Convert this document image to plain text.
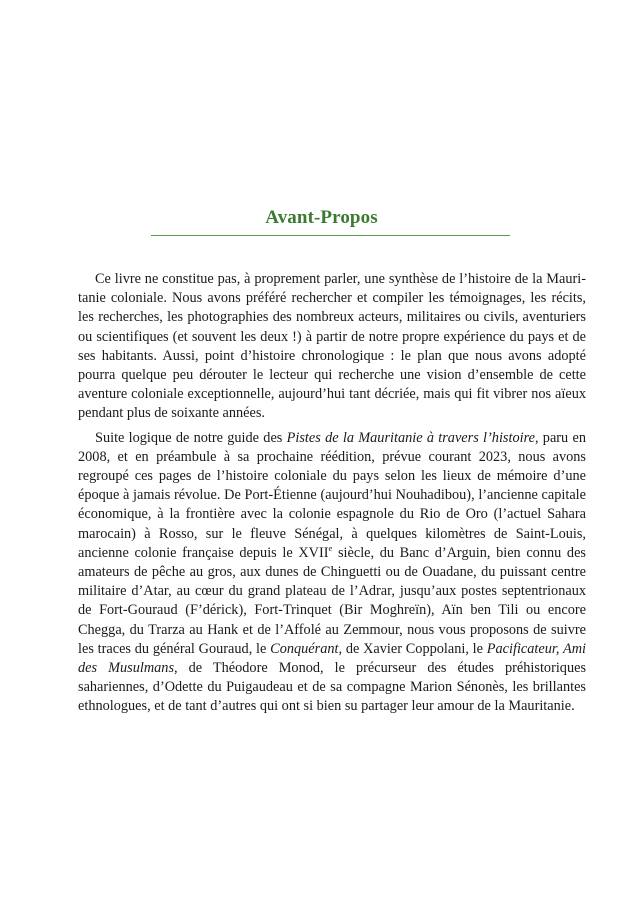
Avant-Propos

Ce livre ne constitue pas, à proprement parler, une synthèse de l’histoire de la Mauritanie coloniale. Nous avons préféré rechercher et compiler les témoignages, les récits, les recherches, les photographies des nombreux acteurs, militaires ou civils, aventuriers ou scientifiques (et souvent les deux !) à partir de notre propre expérience du pays et de ses habitants. Aussi, point d’histoire chronologique : le plan que nous avons adopté pourra quelque peu dérouter le lecteur qui recherche une vision d’ensemble de cette aventure coloniale exceptionnelle, aujourd’hui tant décriée, mais qui fit vibrer nos aïeux pendant plus de soixante années.

Suite logique de notre guide des Pistes de la Mauritanie à travers l’histoire, paru en 2008, et en préambule à sa prochaine réédition, prévue courant 2023, nous avons regroupé ces pages de l’histoire coloniale du pays selon les lieux de mémoire d’une époque à jamais révolue. De Port-Étienne (aujourd’hui Nouhadibou), l’ancienne capitale économique, à la frontière avec la colonie espagnole du Rio de Oro (l’actuel Sahara marocain) à Rosso, sur le fleuve Sénégal, à quelques kilomètres de Saint-Louis, ancienne colonie française depuis le XVIIe siècle, du Banc d’Arguin, bien connu des amateurs de pêche au gros, aux dunes de Chinguetti ou de Ouadane, du puissant centre militaire d’Atar, au cœur du grand plateau de l’Adrar, jusqu’aux postes septentrionaux de Fort-Gouraud (F’dérick), Fort-Trinquet (Bir Moghreïn), Aïn ben Tili ou encore Chegga, du Trarza au Hank et de l’Affolé au Zemmour, nous vous proposons de suivre les traces du général Gouraud, le Conquérant, de Xavier Coppolani, le Pacificateur, Ami des Musulmans, de Théodore Monod, le précurseur des études préhistoriques sahariennes, d’Odette du Puigaudeau et de sa compagne Marion Sénonès, les brillantes ethnologues, et de tant d’autres qui ont si bien su partager leur amour de la Mauritanie.
